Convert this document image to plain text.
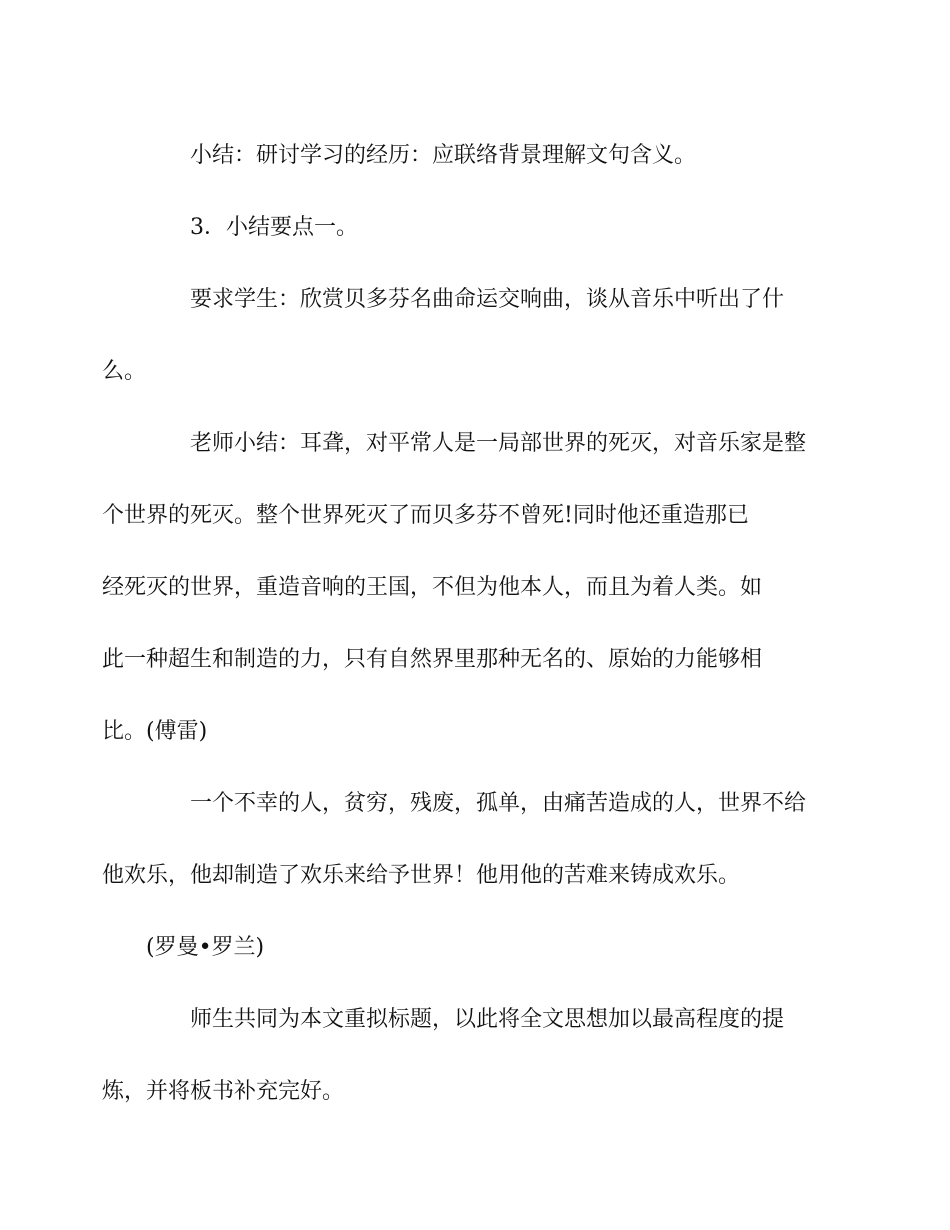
小结：研讨学习的经历：应联络背景理解文句含义。

3．小结要点一。

要求学生：欣赏贝多芬名曲命运交响曲，谈从音乐中听出了什
么。

老师小结：耳聋，对平常人是一局部世界的死灭，对音乐家是整
个世界的死灭。整个世界死灭了而贝多芬不曾死!同时他还重造那已
经死灭的世界，重造音响的王国，不但为他本人，而且为着人类。如
此一种超生和制造的力，只有自然界里那种无名的、原始的力能够相
比。(傅雷)

一个不幸的人，贫穷，残废，孤单，由痛苦造成的人，世界不给
他欢乐，他却制造了欢乐来给予世界！他用他的苦难来铸成欢乐。

(罗曼•罗兰)

师生共同为本文重拟标题，以此将全文思想加以最高程度的提
炼，并将板书补充完好。
